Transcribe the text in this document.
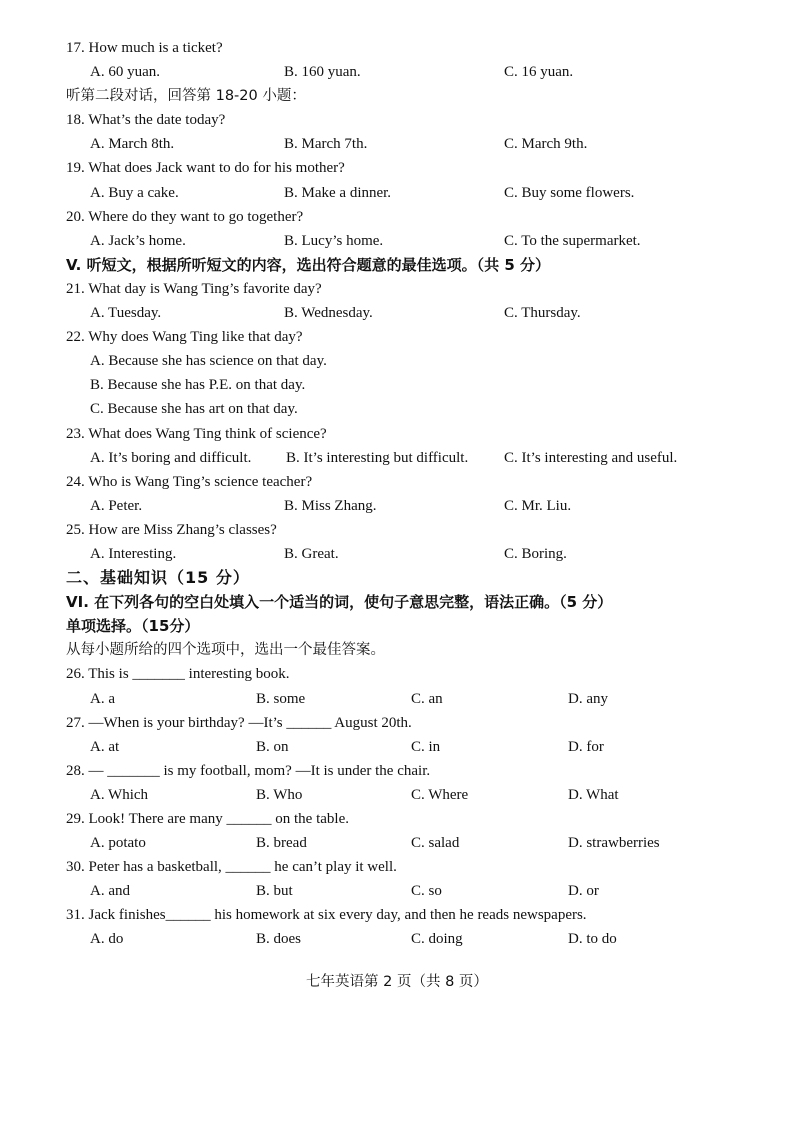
17. How much is a ticket?
A. 60 yuan.	B. 160 yuan.	C. 16 yuan.
听第二段对话，回答第 18-20 小题：
18. What’s the date today?
A. March 8th.	B. March 7th.	C. March 9th.
19. What does Jack want to do for his mother?
A. Buy a cake.	B. Make a dinner.	C. Buy some flowers.
20. Where do they want to go together?
A. Jack’s home.	B. Lucy’s home.	C. To the supermarket.
V. 听短文，根据所听短文的内容，选出符合题意的最佳选项。（共 5 分）
21. What day is Wang Ting’s favorite day?
A. Tuesday.	B. Wednesday.	C. Thursday.
22. Why does Wang Ting like that day?
A. Because she has science on that day.
B. Because she has P.E. on that day.
C. Because she has art on that day.
23. What does Wang Ting think of science?
A. It’s boring and difficult. B. It’s interesting but difficult. C. It’s interesting and useful.
24. Who is Wang Ting’s science teacher?
A. Peter.	B. Miss Zhang.	C. Mr. Liu.
25. How are Miss Zhang’s classes?
A. Interesting.	B. Great.	C. Boring.
二、基础知识（15 分）
VI. 在下列各句的空白处填入一个适当的词，使句子意思完整，语法正确。（5 分）
单项选择。（15分）
从每小题所给的四个选项中，选出一个最佳答案。
26. This is _______ interesting book.
A. a	B. some	C. an	D. any
27. —When is your birthday? —It’s ______ August 20th.
A. at	B. on	C. in	D. for
28. — _______ is my football, mom? —It is under the chair.
A. Which	B. Who	C. Where	D. What
29. Look! There are many ______ on the table.
A. potato	B. bread	C. salad	D. strawberries
30. Peter has a basketball, ______ he can’t play it well.
A. and	B. but	C. so	D. or
31. Jack finishes______ his homework at six every day, and then he reads newspapers.
A. do	B. does	C. doing	D. to do
七年英语第 2 页（共 8 页）
